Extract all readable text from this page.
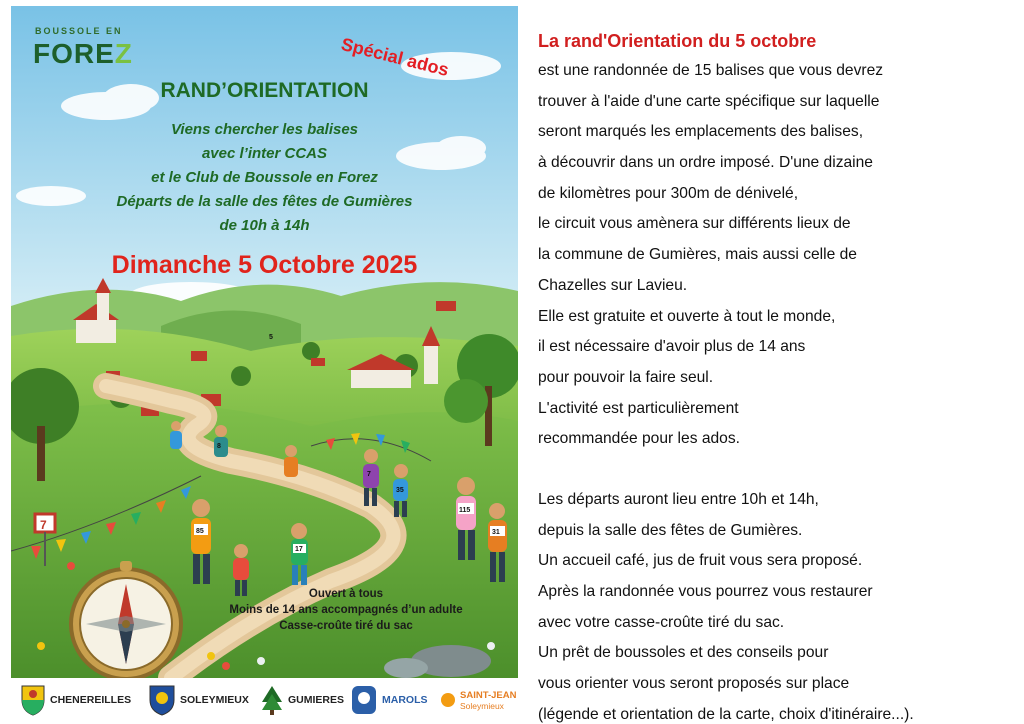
7	85
17
5
115
31
35
7
8
BOUSSOLE EN
FOREZ	Spécial ados
RAND’ORIENTATION
Viens chercher les balises
avec l’inter CCAS
et le Club de Boussole en Forez
Départs de la salle des fêtes de Gumières
de 10h à 14h
Dimanche 5 Octobre 2025
Ouvert à tous
Moins de 14 ans accompagnés d’un adulte
Casse-croûte tiré du sac
La rand'Orientation du 5 octobre
est une randonnée de 15 balises que vous devrez
trouver à l'aide d'une carte spécifique sur laquelle
seront marqués les emplacements des balises,
à découvrir dans un ordre imposé. D'une dizaine
de kilomètres pour 300m de dénivelé,
le circuit vous amènera sur différents lieux de
la commune de Gumières, mais aussi celle de
Chazelles sur Lavieu.
Elle est gratuite et ouverte à tout le monde,
il est nécessaire d'avoir plus de 14 ans
pour pouvoir la faire seul.
L'activité est particulièrement
recommandée pour les ados.
Les départs auront lieu entre 10h et 14h,
depuis la salle des fêtes de Gumières.
Un accueil café, jus de fruit vous sera proposé.
Après la randonnée vous pourrez vous restaurer
avec votre casse-croûte tiré du sac.
Un prêt de boussoles et des conseils pour
vous orienter vous seront proposés sur place
(légende et orientation de la carte, choix d'itinéraire...).
CHENEREILLES	SOLEYMIEUX	GUMIERES	MAROLS	SAINT-JEAN
Soleymieux
